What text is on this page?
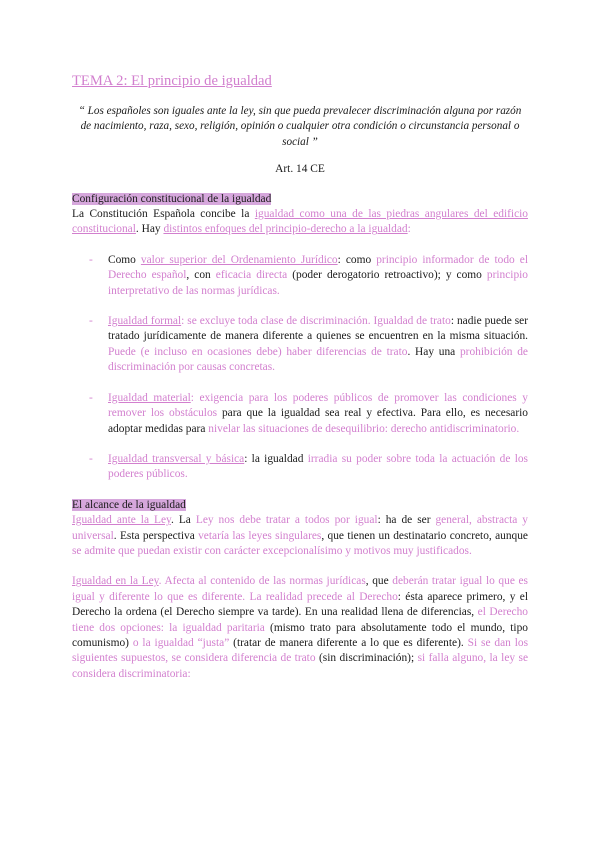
TEMA 2: El principio de igualdad
“ Los españoles son iguales ante la ley, sin que pueda prevalecer discriminación alguna por razón de nacimiento, raza, sexo, religión, opinión o cualquier otra condición o circunstancia personal o social ”
Art. 14 CE
Configuración constitucional de la igualdad

La Constitución Española concibe la igualdad como una de las piedras angulares del edificio constitucional. Hay distintos enfoques del principio-derecho a la igualdad:

- Como valor superior del Ordenamiento Jurídico: como principio informador de todo el Derecho español, con eficacia directa (poder derogatorio retroactivo); y como principio interpretativo de las normas jurídicas.
- Igualdad formal: se excluye toda clase de discriminación. Igualdad de trato: nadie puede ser tratado jurídicamente de manera diferente a quienes se encuentren en la misma situación. Puede (e incluso en ocasiones debe) haber diferencias de trato. Hay una prohibición de discriminación por causas concretas.
- Igualdad material: exigencia para los poderes públicos de promover las condiciones y remover los obstáculos para que la igualdad sea real y efectiva. Para ello, es necesario adoptar medidas para nivelar las situaciones de desequilibrio: derecho antidiscriminatorio.
- Igualdad transversal y básica: la igualdad irradia su poder sobre toda la actuación de los poderes públicos.
El alcance de la igualdad

Igualdad ante la Ley. La Ley nos debe tratar a todos por igual: ha de ser general, abstracta y universal. Esta perspectiva vetaría las leyes singulares, que tienen un destinatario concreto, aunque se admite que puedan existir con carácter excepcionalísimo y motivos muy justificados.

Igualdad en la Ley. Afecta al contenido de las normas jurídicas, que deberán tratar igual lo que es igual y diferente lo que es diferente. La realidad precede al Derecho: ésta aparece primero, y el Derecho la ordena (el Derecho siempre va tarde). En una realidad llena de diferencias, el Derecho tiene dos opciones: la igualdad paritaria (mismo trato para absolutamente todo el mundo, tipo comunismo) o la igualdad “justa” (tratar de manera diferente a lo que es diferente). Si se dan los siguientes supuestos, se considera diferencia de trato (sin discriminación); si falla alguno, la ley se considera discriminatoria:
